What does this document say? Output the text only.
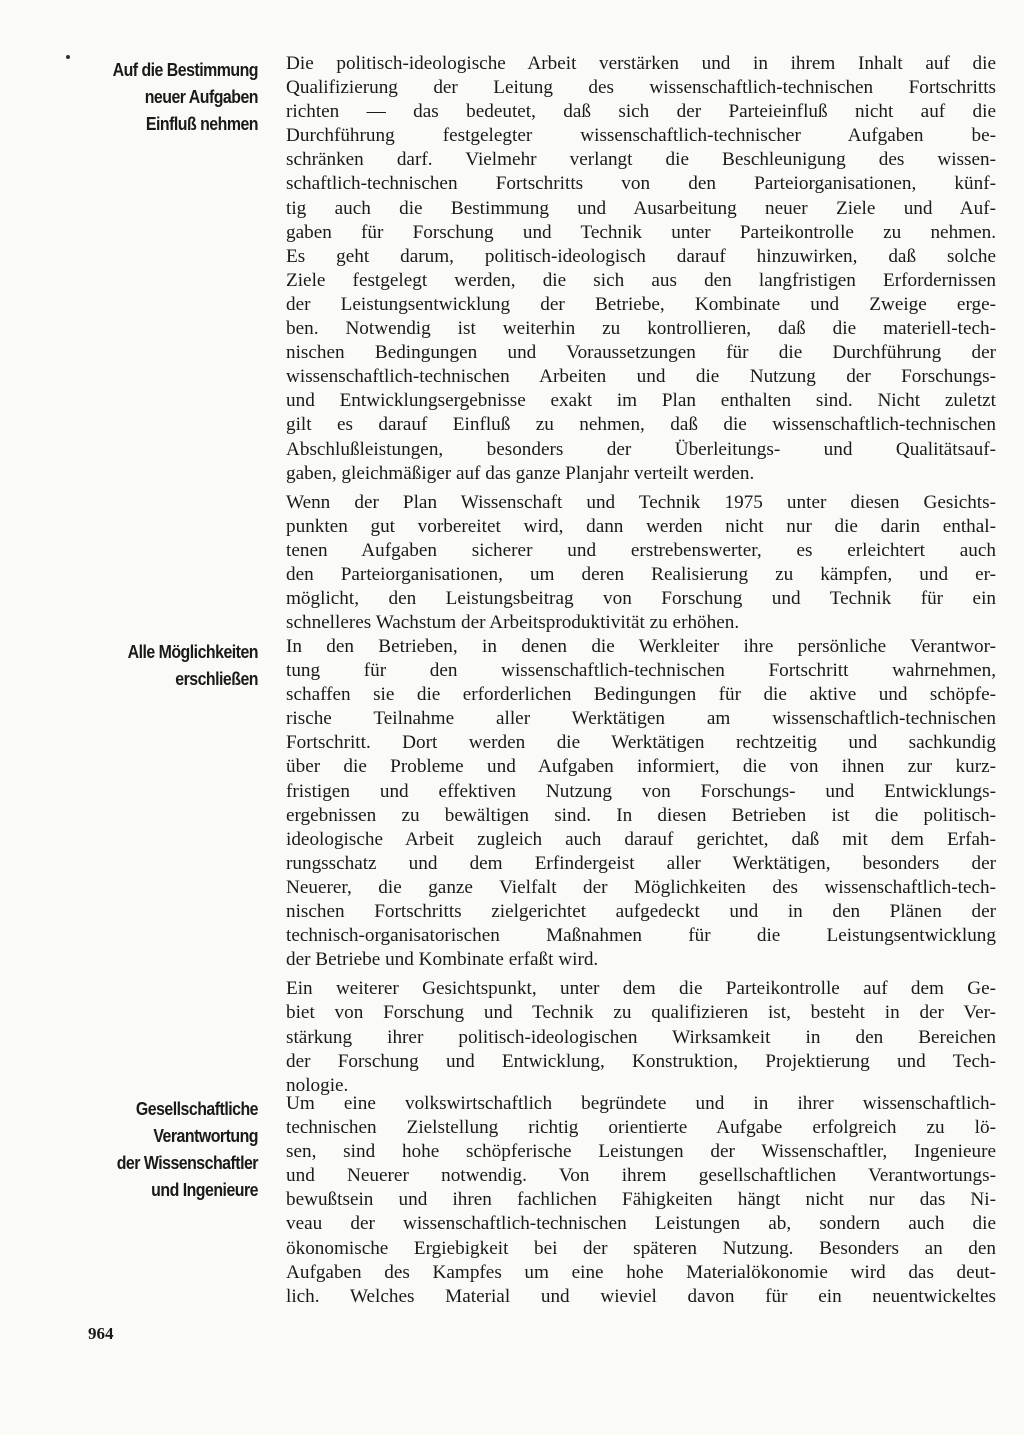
Auf die Bestimmung
neuer Aufgaben
Einfluß nehmen

Die politisch-ideologische Arbeit verstärken und in ihrem Inhalt auf die
Qualifizierung der Leitung des wissenschaftlich-technischen Fortschritts
richten — das bedeutet, daß sich der Parteieinfluß nicht auf die
Durchführung festgelegter wissenschaftlich-technischer Aufgaben be-
schränken darf. Vielmehr verlangt die Beschleunigung des wissen-
schaftlich-technischen Fortschritts von den Parteiorganisationen, künf-
tig auch die Bestimmung und Ausarbeitung neuer Ziele und Auf-
gaben für Forschung und Technik unter Parteikontrolle zu nehmen.
Es geht darum, politisch-ideologisch darauf hinzuwirken, daß solche
Ziele festgelegt werden, die sich aus den langfristigen Erfordernissen
der Leistungsentwicklung der Betriebe, Kombinate und Zweige erge-
ben. Notwendig ist weiterhin zu kontrollieren, daß die materiell-tech-
nischen Bedingungen und Voraussetzungen für die Durchführung der
wissenschaftlich-technischen Arbeiten und die Nutzung der Forschungs-
und Entwicklungsergebnisse exakt im Plan enthalten sind. Nicht zuletzt
gilt es darauf Einfluß zu nehmen, daß die wissenschaftlich-technischen
Abschlußleistungen, besonders der Überleitungs- und Qualitätsauf-
gaben, gleichmäßiger auf das ganze Planjahr verteilt werden.

Wenn der Plan Wissenschaft und Technik 1975 unter diesen Gesichts-
punkten gut vorbereitet wird, dann werden nicht nur die darin enthal-
tenen Aufgaben sicherer und erstrebenswerter, es erleichtert auch
den Parteiorganisationen, um deren Realisierung zu kämpfen, und er-
möglicht, den Leistungsbeitrag von Forschung und Technik für ein
schnelleres Wachstum der Arbeitsproduktivität zu erhöhen.

Alle Möglichkeiten
erschließen

In den Betrieben, in denen die Werkleiter ihre persönliche Verantwor-
tung für den wissenschaftlich-technischen Fortschritt wahrnehmen,
schaffen sie die erforderlichen Bedingungen für die aktive und schöpfe-
rische Teilnahme aller Werktätigen am wissenschaftlich-technischen
Fortschritt. Dort werden die Werktätigen rechtzeitig und sachkundig
über die Probleme und Aufgaben informiert, die von ihnen zur kurz-
fristigen und effektiven Nutzung von Forschungs- und Entwicklungs-
ergebnissen zu bewältigen sind. In diesen Betrieben ist die politisch-
ideologische Arbeit zugleich auch darauf gerichtet, daß mit dem Erfah-
rungsschatz und dem Erfindergeist aller Werktätigen, besonders der
Neuerer, die ganze Vielfalt der Möglichkeiten des wissenschaftlich-tech-
nischen Fortschritts zielgerichtet aufgedeckt und in den Plänen der
technisch-organisatorischen Maßnahmen für die Leistungsentwicklung
der Betriebe und Kombinate erfaßt wird.

Ein weiterer Gesichtspunkt, unter dem die Parteikontrolle auf dem Ge-
biet von Forschung und Technik zu qualifizieren ist, besteht in der Ver-
stärkung ihrer politisch-ideologischen Wirksamkeit in den Bereichen
der Forschung und Entwicklung, Konstruktion, Projektierung und Tech-
nologie.

Gesellschaftliche
Verantwortung
der Wissenschaftler
und Ingenieure

Um eine volkswirtschaftlich begründete und in ihrer wissenschaftlich-
technischen Zielstellung richtig orientierte Aufgabe erfolgreich zu lö-
sen, sind hohe schöpferische Leistungen der Wissenschaftler, Ingenieure
und Neuerer notwendig. Von ihrem gesellschaftlichen Verantwortungs-
bewußtsein und ihren fachlichen Fähigkeiten hängt nicht nur das Ni-
veau der wissenschaftlich-technischen Leistungen ab, sondern auch die
ökonomische Ergiebigkeit bei der späteren Nutzung. Besonders an den
Aufgaben des Kampfes um eine hohe Materialökonomie wird das deut-
lich. Welches Material und wieviel davon für ein neuentwickeltes

964
